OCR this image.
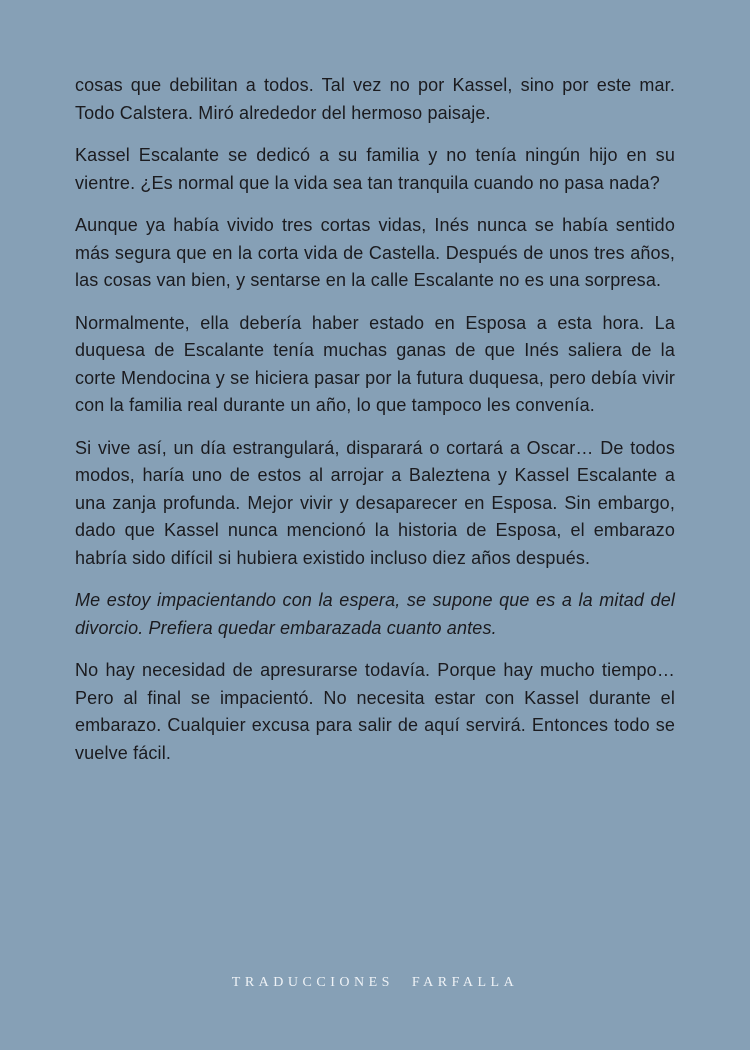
cosas que debilitan a todos. Tal vez no por Kassel, sino por este mar. Todo Calstera. Miró alrededor del hermoso paisaje.

Kassel Escalante se dedicó a su familia y no tenía ningún hijo en su vientre. ¿Es normal que la vida sea tan tranquila cuando no pasa nada?

Aunque ya había vivido tres cortas vidas, Inés nunca se había sentido más segura que en la corta vida de Castella. Después de unos tres años, las cosas van bien, y sentarse en la calle Escalante no es una sorpresa.

Normalmente, ella debería haber estado en Esposa a esta hora. La duquesa de Escalante tenía muchas ganas de que Inés saliera de la corte Mendocina y se hiciera pasar por la futura duquesa, pero debía vivir con la familia real durante un año, lo que tampoco les convenía.

Si vive así, un día estrangulará, disparará o cortará a Oscar… De todos modos, haría uno de estos al arrojar a Baleztena y Kassel Escalante a una zanja profunda. Mejor vivir y desaparecer en Esposa. Sin embargo, dado que Kassel nunca mencionó la historia de Esposa, el embarazo habría sido difícil si hubiera existido incluso diez años después.

Me estoy impacientando con la espera, se supone que es a la mitad del divorcio. Prefiera quedar embarazada cuanto antes.

No hay necesidad de apresurarse todavía. Porque hay mucho tiempo… Pero al final se impacientó. No necesita estar con Kassel durante el embarazo. Cualquier excusa para salir de aquí servirá. Entonces todo se vuelve fácil.

TRADUCCIONES FARFALLA
